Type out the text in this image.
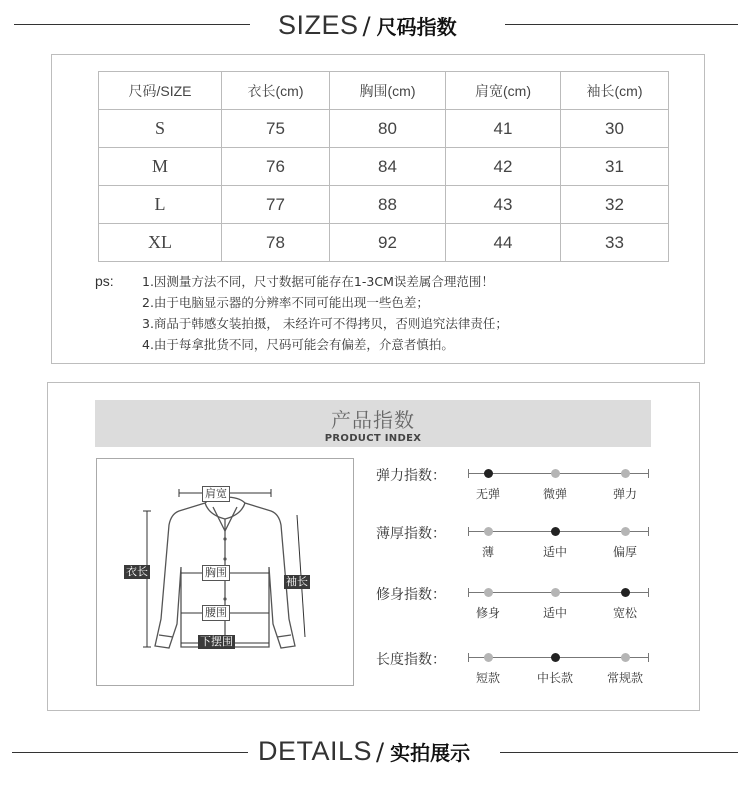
SIZES / 尺码指数
尺码/SIZE	衣长(cm)	胸围(cm)	肩宽(cm)	袖长(cm)
S	75	80	41	30
M	76	84	42	31
L	77	88	43	32
XL	78	92	44	33
ps: 1.因测量方法不同，尺寸数据可能存在1-3CM误差属合理范围！
2.由于电脑显示器的分辨率不同可能出现一些色差；
3.商品于韩感女装拍摄， 未经许可不得拷贝，否则追究法律责任；
4.由于每拿批货不同，尺码可能会有偏差，介意者慎拍。
产品指数
PRODUCT INDEX
肩宽
衣长	胸围
袖长
腰围
下摆围
弹力指数：
无弹	微弹	弹力
薄厚指数：
薄	适中	偏厚
修身指数：
修身	适中	宽松
长度指数：
短款	中长款	常规款
DETAILS / 实拍展示
